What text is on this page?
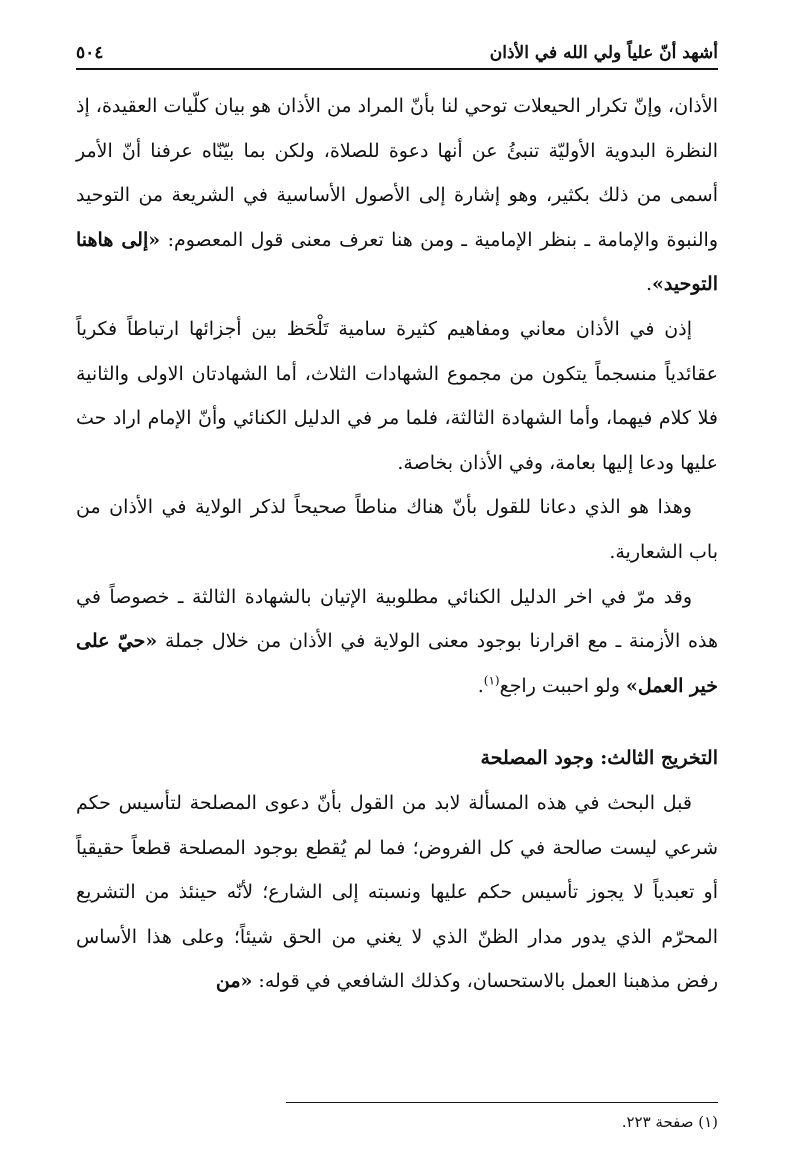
أشهد أنّ علياً ولي الله في الأذان
٥٠٤

الأذان، وإنّ تكرار الحيعلات توحي لنا بأنّ المراد من الأذان هو بيان كلّيات العقيدة، إذ النظرة البدوية الأوليّة تنبئُ عن أنها دعوة للصلاة، ولكن بما بيّنّاه عرفنا أنّ الأمر أسمى من ذلك بكثير، وهو إشارة إلى الأصول الأساسية في الشريعة من التوحيد والنبوة والإمامة ـ بنظر الإمامية ـ ومن هنا تعرف معنى قول المعصوم: «إلى هاهنا التوحيد».

إذن في الأذان معاني ومفاهيم كثيرة سامية تَلْحَظ بين أجزائها ارتباطاً فكرياً عقائدياً منسجماً يتكون من مجموع الشهادات الثلاث، أما الشهادتان الاولى والثانية فلا كلام فيهما، وأما الشهادة الثالثة، فلما مر في الدليل الكنائي وأنّ الإمام اراد حث عليها ودعا إليها بعامة، وفي الأذان بخاصة.

وهذا هو الذي دعانا للقول بأنّ هناك مناطاً صحيحاً لذكر الولاية في الأذان من باب الشعارية.

وقد مرّ في اخر الدليل الكنائي مطلوبية الإتيان بالشهادة الثالثة ـ خصوصاً في هذه الأزمنة ـ مع اقرارنا بوجود معنى الولاية في الأذان من خلال جملة «حيّ على خير العمل» ولو احببت راجع$^{(١)}$.

التخريج الثالث: وجود المصلحة

قبل البحث في هذه المسألة لابد من القول بأنّ دعوى المصلحة لتأسيس حكم شرعي ليست صالحة في كل الفروض؛ فما لم يُقطع بوجود المصلحة قطعاً حقيقياً أو تعبدياً لا يجوز تأسيس حكم عليها ونسبته إلى الشارع؛ لأنّه حينئذ من التشريع المحرّم الذي يدور مدار الظنّ الذي لا يغني من الحق شيئاً؛ وعلى هذا الأساس رفض مذهبنا العمل بالاستحسان، وكذلك الشافعي في قوله: «من

(١) صفحة ٢٢٣.
